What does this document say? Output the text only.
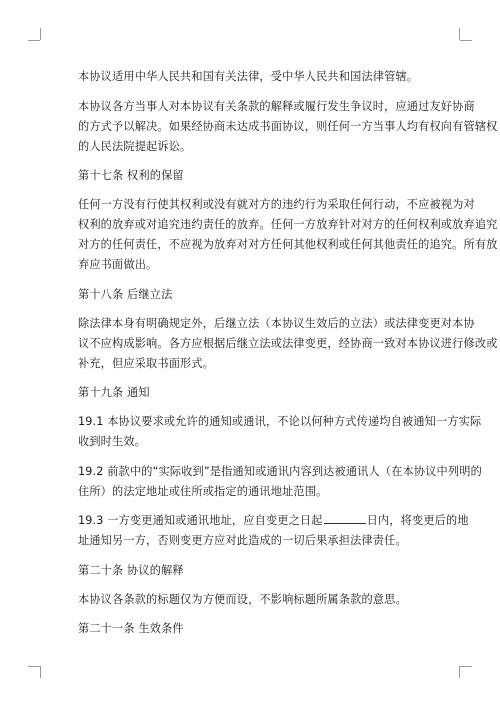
本协议适用中华人民共和国有关法律，受中华人民共和国法律管辖。
本协议各方当事人对本协议有关条款的解释或履行发生争议时，应通过友好协商
的方式予以解决。如果经协商未达成书面协议，则任何一方当事人均有权向有管辖权
的人民法院提起诉讼。
第十七条 权利的保留
任何一方没有行使其权利或没有就对方的违约行为采取任何行动，不应被视为对
权利的放弃或对追究违约责任的放弃。任何一方放弃针对对方的任何权利或放弃追究
对方的任何责任，不应视为放弃对对方任何其他权利或任何其他责任的追究。所有放
弃应书面做出。
第十八条 后继立法
除法律本身有明确规定外，后继立法（本协议生效后的立法）或法律变更对本协
议不应构成影响。各方应根据后继立法或法律变更，经协商一致对本协议进行修改或
补充，但应采取书面形式。
第十九条 通知
19.1 本协议要求或允许的通知或通讯，不论以何种方式传递均自被通知一方实际
收到时生效。
19.2 前款中的“实际收到”是指通知或通讯内容到达被通讯人（在本协议中列明的
住所）的法定地址或住所或指定的通讯地址范围。
19.3 一方变更通知或通讯地址，应自变更之日起	日内，将变更后的地
址通知另一方，否则变更方应对此造成的一切后果承担法律责任。
第二十条 协议的解释
本协议各条款的标题仅为方便而设，不影响标题所属条款的意思。
第二十一条 生效条件
